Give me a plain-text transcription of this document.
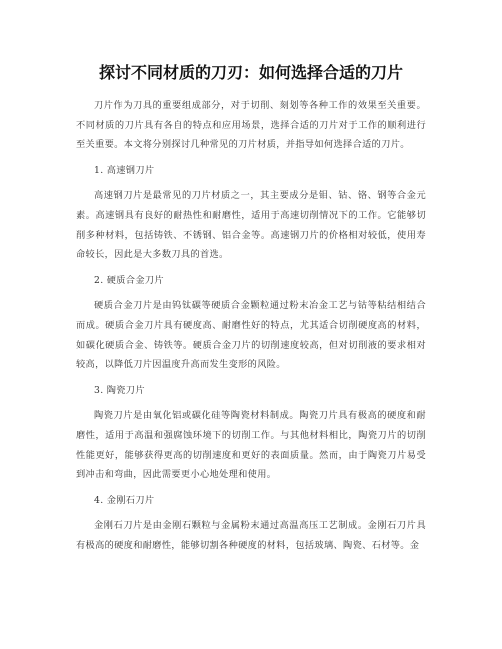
探讨不同材质的刀刃：如何选择合适的刀片

刀片作为刀具的重要组成部分，对于切削、刻划等各种工作的效果至关重要。不同材质的刀片具有各自的特点和应用场景，选择合适的刀片对于工作的顺利进行至关重要。本文将分别探讨几种常见的刀片材质，并指导如何选择合适的刀片。

1. 高速钢刀片

高速钢刀片是最常见的刀片材质之一，其主要成分是钼、钴、铬、钢等合金元素。高速钢具有良好的耐热性和耐磨性，适用于高速切削情况下的工作。它能够切削多种材料，包括铸铁、不锈钢、铝合金等。高速钢刀片的价格相对较低，使用寿命较长，因此是大多数刀具的首选。

2. 硬质合金刀片

硬质合金刀片是由钨钛碳等硬质合金颗粒通过粉末冶金工艺与钴等粘结相结合而成。硬质合金刀片具有硬度高、耐磨性好的特点，尤其适合切削硬度高的材料，如碳化硬质合金、铸铁等。硬质合金刀片的切削速度较高，但对切削液的要求相对较高，以降低刀片因温度升高而发生变形的风险。

3. 陶瓷刀片

陶瓷刀片是由氧化铝或碳化硅等陶瓷材料制成。陶瓷刀片具有极高的硬度和耐磨性，适用于高温和强腐蚀环境下的切削工作。与其他材料相比，陶瓷刀片的切削性能更好，能够获得更高的切削速度和更好的表面质量。然而，由于陶瓷刀片易受到冲击和弯曲，因此需要更小心地处理和使用。

4. 金刚石刀片

金刚石刀片是由金刚石颗粒与金属粉末通过高温高压工艺制成。金刚石刀片具有极高的硬度和耐磨性，能够切割各种硬度的材料，包括玻璃、陶瓷、石材等。金
